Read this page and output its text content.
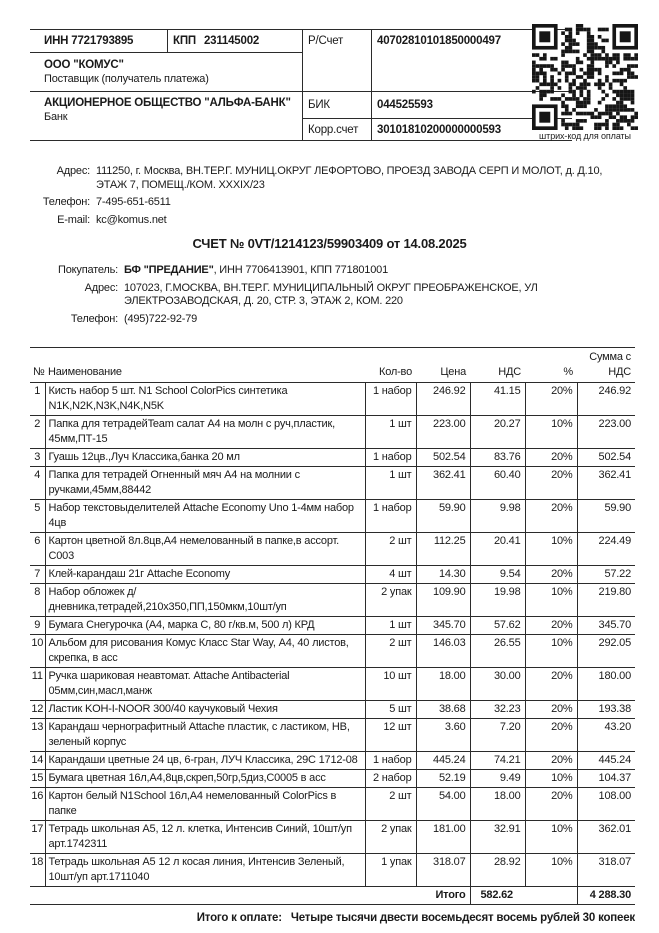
ИНН 7721793895	КПП 231145002	Р/Счет	40702810101850000497

ООО "КОМУС"
Поставщик (получатель платежа)			

АКЦИОНЕРНОЕ ОБЩЕСТВО "АЛЬФА-БАНК"
Банк		БИК	044525593
		Корр.счет	30101810200000000593
штрих-код для оплаты
Адрес: 111250, г. Москва, ВН.ТЕР.Г. МУНИЦ.ОКРУГ ЛЕФОРТОВО, ПРОЕЗД ЗАВОДА СЕРП И МОЛОТ, д. Д.10, ЭТАЖ 7, ПОМЕЩ./КОМ. XXXIX/23
Телефон: 7-495-651-6511
E-mail: kc@komus.net
СЧЕТ № 0VT/1214123/59903409 от 14.08.2025
Покупатель: БФ "ПРЕДАНИЕ", ИНН 7706413901, КПП 771801001
Адрес: 107023, Г.МОСКВА, ВН.ТЕР.Г. МУНИЦИПАЛЬНЫЙ ОКРУГ ПРЕОБРАЖЕНСКОЕ, УЛ ЭЛЕКТРОЗАВОДСКАЯ, Д. 20, СТР. 3, ЭТАЖ 2, КОМ. 220
Телефон: (495)722-92-79
№	Наименование	Кол-во	Цена	НДС	%	Сумма с НДС
1	Кисть набор 5 шт. N1 School ColorPics синтетика N1K,N2K,N3K,N4K,N5K	1 набор	246.92	41.15	20%	246.92
2	Папка для тетрадейTeam салат А4 на молн с руч,пластик, 45мм,ПТ-15	1 шт	223.00	20.27	10%	223.00
3	Гуашь 12цв.,Луч Классика,банка 20 мл	1 набор	502.54	83.76	20%	502.54
4	Папка для тетрадей Огненный мяч А4 на молнии с ручками,45мм,88442	1 шт	362.41	60.40	20%	362.41
5	Набор текстовыделителей Attache Economy Uno 1-4мм набор 4цв	1 набор	59.90	9.98	20%	59.90
6	Картон цветной 8л.8цв,А4 немелованный в папке,в ассорт. С003	2 шт	112.25	20.41	10%	224.49
7	Клей-карандаш 21г Attache Economy	4 шт	14.30	9.54	20%	57.22
8	Набор обложек д/дневника,тетрадей,210х350,ПП,150мкм,10шт/уп	2 упак	109.90	19.98	10%	219.80
9	Бумага Снегурочка (А4, марка С, 80 г/кв.м, 500 л) КРД	1 шт	345.70	57.62	20%	345.70
10	Альбом для рисования Комус Класс Star Way, А4, 40 листов, скрепка, в асс	2 шт	146.03	26.55	10%	292.05
11	Ручка шариковая неавтомат. Attache Antibacterial 05мм,син,масл,манж	10 шт	18.00	30.00	20%	180.00
12	Ластик KOH-I-NOOR 300/40 каучуковый Чехия	5 шт	38.68	32.23	20%	193.38
13	Карандаш чернографитный Attache пластик, с ластиком, HB, зеленый корпус	12 шт	3.60	7.20	20%	43.20
14	Карандаши цветные 24 цв, 6-гран, ЛУЧ Классика, 29С 1712-08	1 набор	445.24	74.21	20%	445.24
15	Бумага цветная 16л,А4,8цв,скреп,50гр,5диз,С0005 в асс	2 набор	52.19	9.49	10%	104.37
16	Картон белый N1School 16л,А4 немелованный ColorPics в папке	2 шт	54.00	18.00	20%	108.00
17	Тетрадь школьная А5, 12 л. клетка, Интенсив Синий, 10шт/уп арт.1742311	2 упак	181.00	32.91	10%	362.01
18	Тетрадь школьная А5 12 л косая линия, Интенсив Зеленый, 10шт/уп арт.1711040	1 упак	318.07	28.92	10%	318.07
Итого				582.62		4 288.30
Итого к оплате: Четыре тысячи двести восемьдесят восемь рублей 30 копеек
